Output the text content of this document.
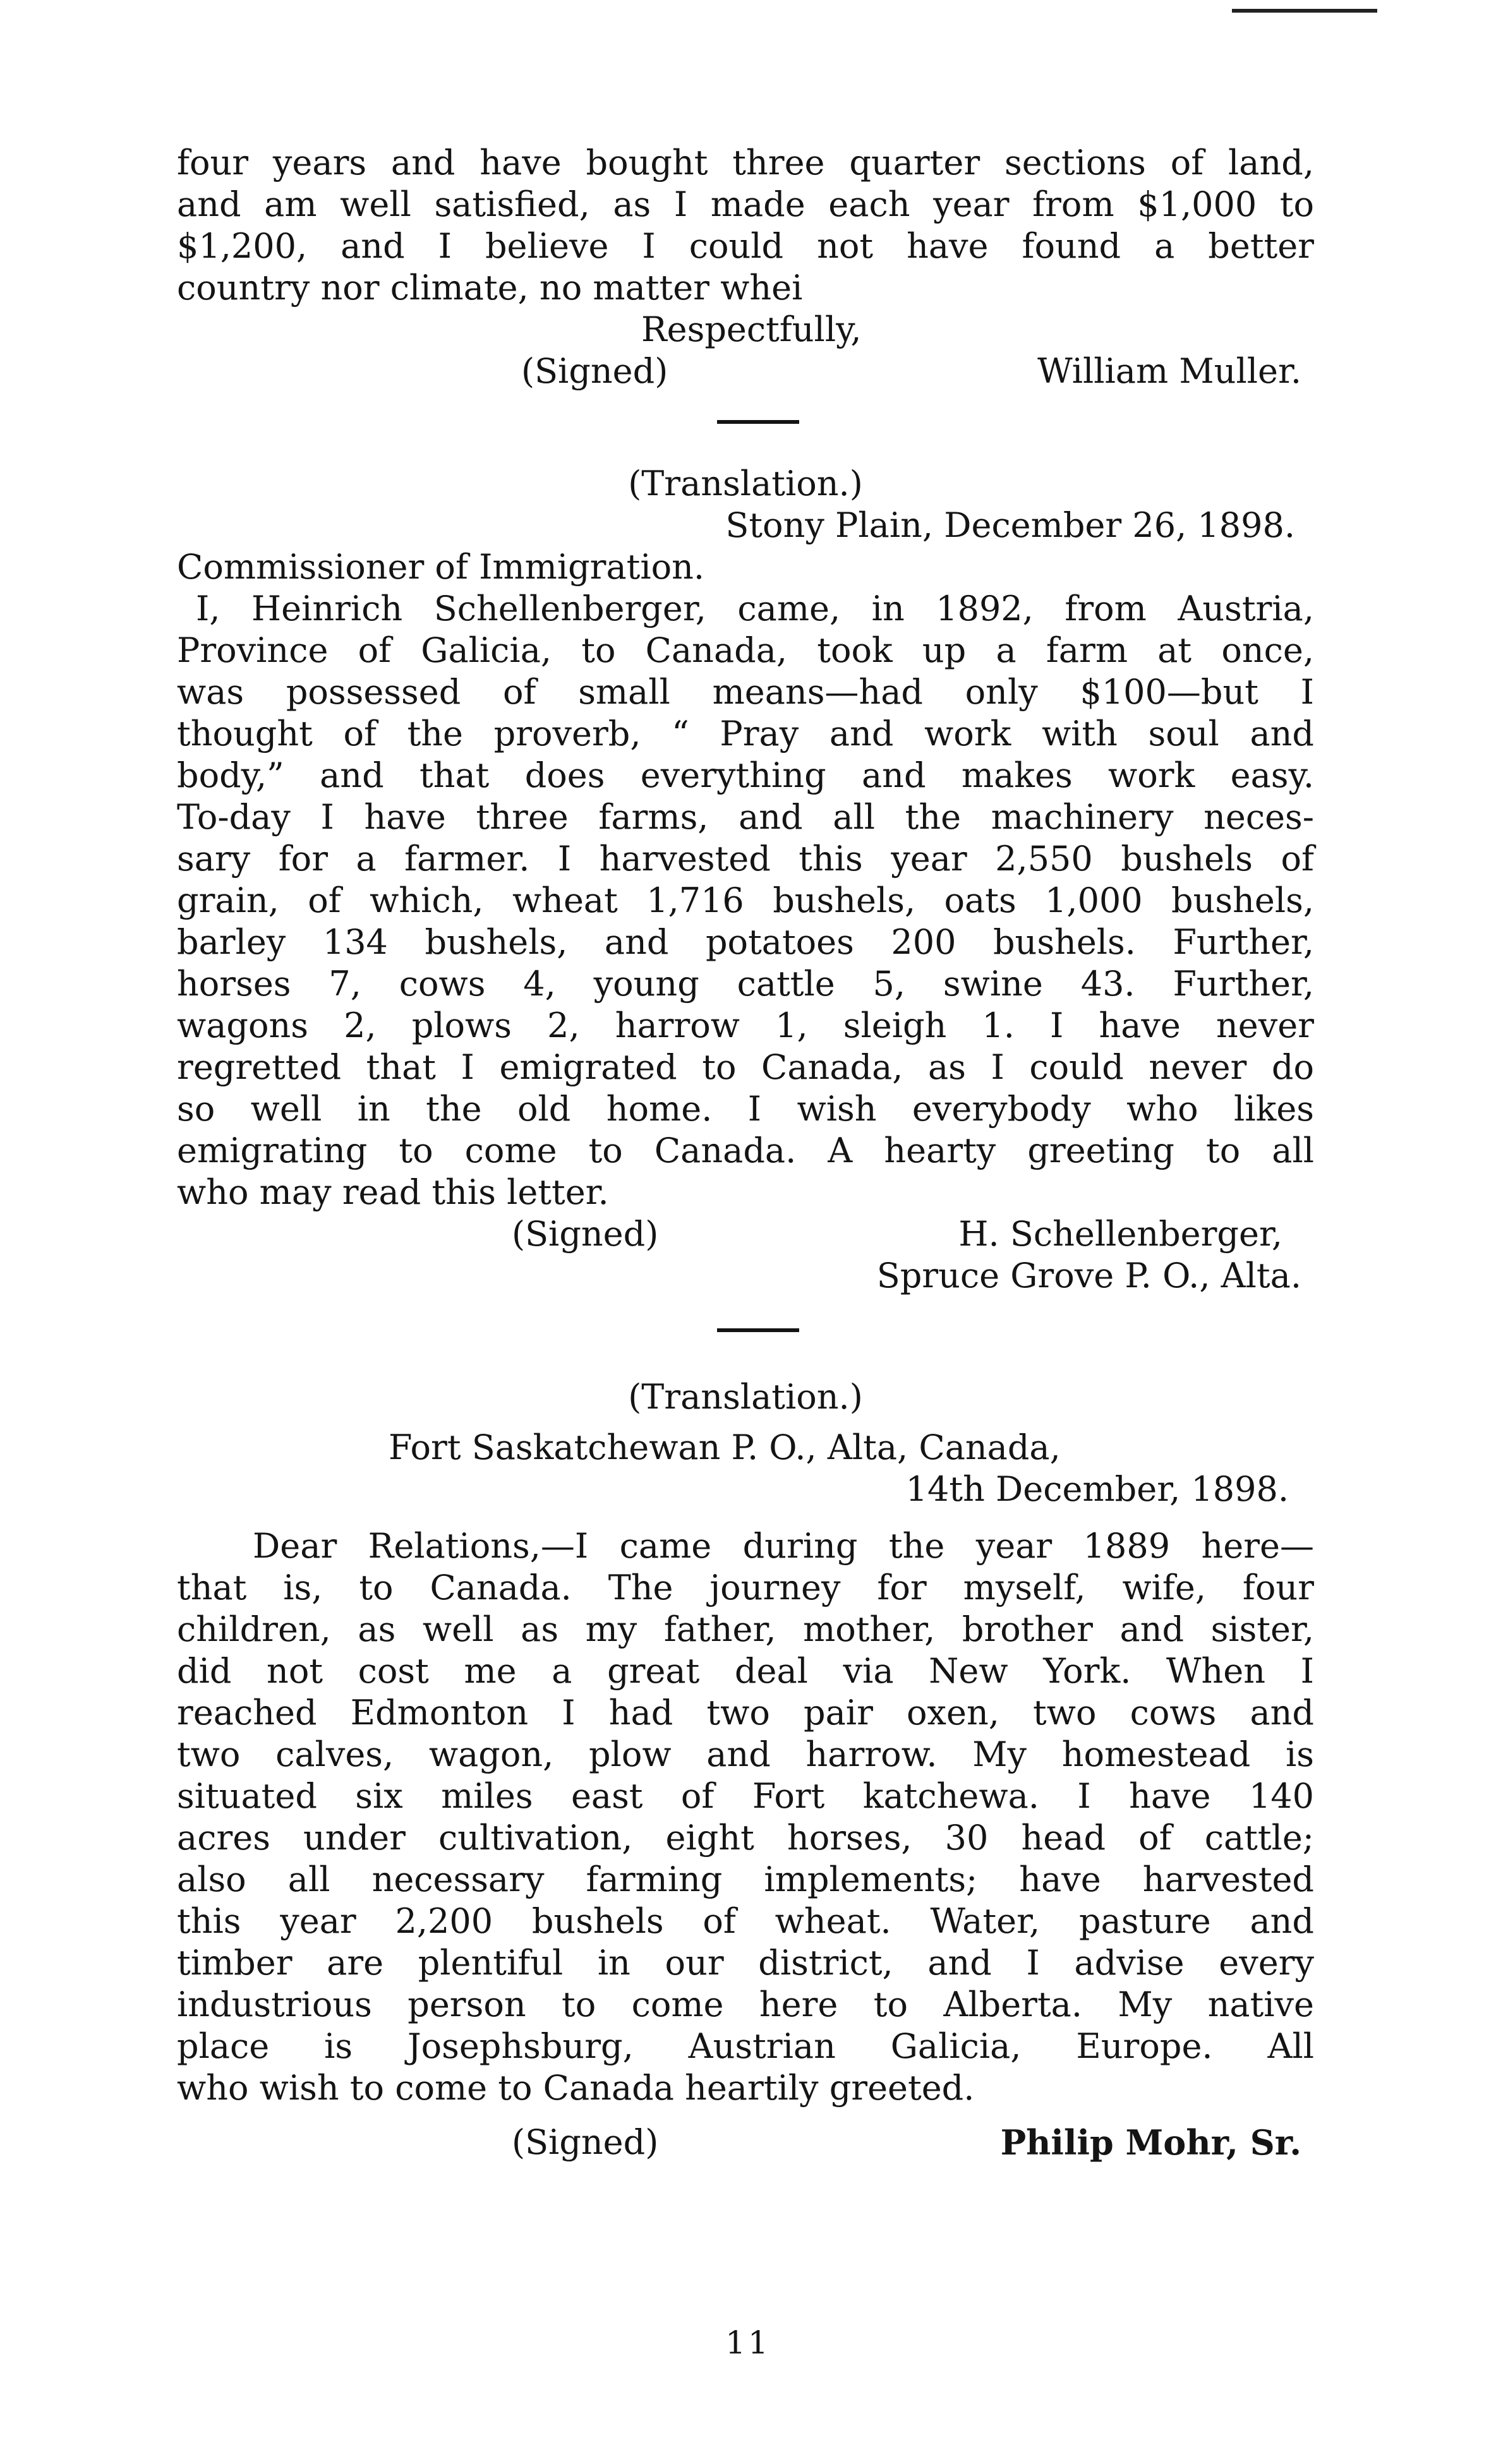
four years and have bought three quarter sections of land,
and am well satisfied, as I made each year from $1,000 to
$1,200, and I believe I could not have found a better
country nor climate, no matter whei
Respectfully,
(Signed)	William Muller.
(Translation.)
Stony Plain, December 26, 1898.
Commissioner of Immigration.
I, Heinrich Schellenberger, came, in 1892, from Austria,
Province of Galicia, to Canada, took up a farm at once,
was possessed of small means—had only $100—but I
thought of the proverb, “ Pray and work with soul and
body,” and that does everything and makes work easy.
To-day I have three farms, and all the machinery neces-
sary for a farmer. I harvested this year 2,550 bushels of
grain, of which, wheat 1,716 bushels, oats 1,000 bushels,
barley 134 bushels, and potatoes 200 bushels. Further,
horses 7, cows 4, young cattle 5, swine 43. Further,
wagons 2, plows 2, harrow 1, sleigh 1. I have never
regretted that I emigrated to Canada, as I could never do
so well in the old home. I wish everybody who likes
emigrating to come to Canada. A hearty greeting to all
who may read this letter.
(Signed)	H. Schellenberger,
Spruce Grove P. O., Alta.
(Translation.)
Fort Saskatchewan P. O., Alta, Canada,
14th December, 1898.
Dear Relations,—I came during the year 1889 here—
that is, to Canada. The journey for myself, wife, four
children, as well as my father, mother, brother and sister,
did not cost me a great deal via New York. When I
reached Edmonton I had two pair oxen, two cows and
two calves, wagon, plow and harrow. My homestead is
situated six miles east of Fort katchewa. I have 140
acres under cultivation, eight horses, 30 head of cattle;
also all necessary farming implements; have harvested
this year 2,200 bushels of wheat. Water, pasture and
timber are plentiful in our district, and I advise every
industrious person to come here to Alberta. My native
place is Josephsburg, Austrian Galicia, Europe. All
who wish to come to Canada heartily greeted.
(Signed)	Philip Mohr, Sr.
11
